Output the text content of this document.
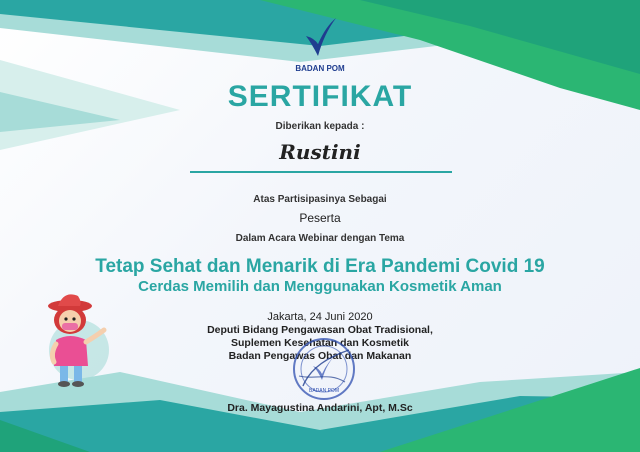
BADAN POM
SERTIFIKAT
Diberikan kepada :
Rustini
Atas Partisipasinya Sebagai
Peserta
Dalam Acara Webinar dengan Tema
Tetap Sehat dan Menarik di Era Pandemi Covid 19
Cerdas Memilih dan Menggunakan Kosmetik Aman
Jakarta, 24 Juni 2020
Deputi Bidang Pengawasan Obat Tradisional,
Suplemen Kesehatan dan Kosmetik
Badan Pengawas Obat dan Makanan
BADAN POM
Dra. Mayagustina Andarini, Apt, M.Sc
